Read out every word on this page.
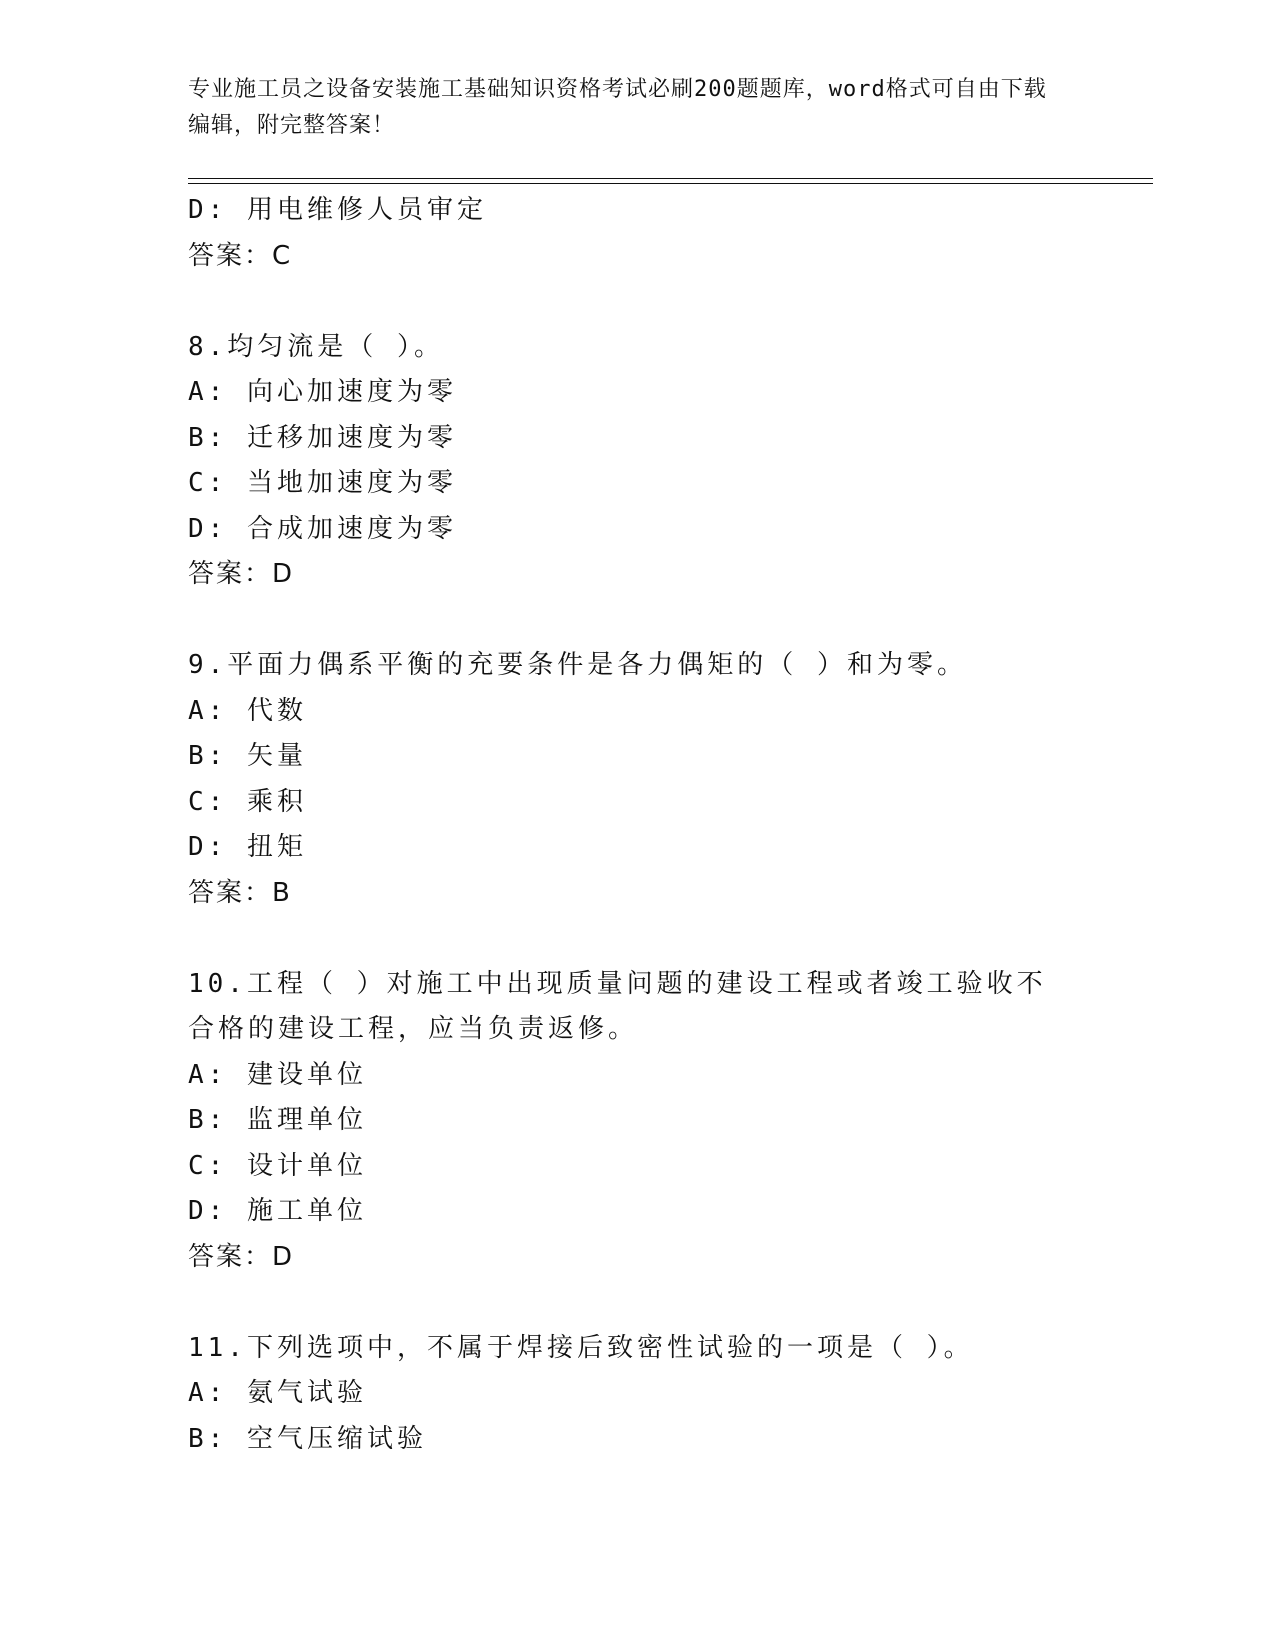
专业施工员之设备安装施工基础知识资格考试必刷200题题库，word格式可自由下载编辑，附完整答案！
D: 用电维修人员审定
答案：C
8.均匀流是（ ）。
A: 向心加速度为零
B: 迁移加速度为零
C: 当地加速度为零
D: 合成加速度为零
答案：D
9.平面力偶系平衡的充要条件是各力偶矩的（ ）和为零。
A: 代数
B: 矢量
C: 乘积
D: 扭矩
答案：B
10.工程（ ）对施工中出现质量问题的建设工程或者竣工验收不合格的建设工程，应当负责返修。
A: 建设单位
B: 监理单位
C: 设计单位
D: 施工单位
答案：D
11.下列选项中，不属于焊接后致密性试验的一项是（ ）。
A: 氨气试验
B: 空气压缩试验
